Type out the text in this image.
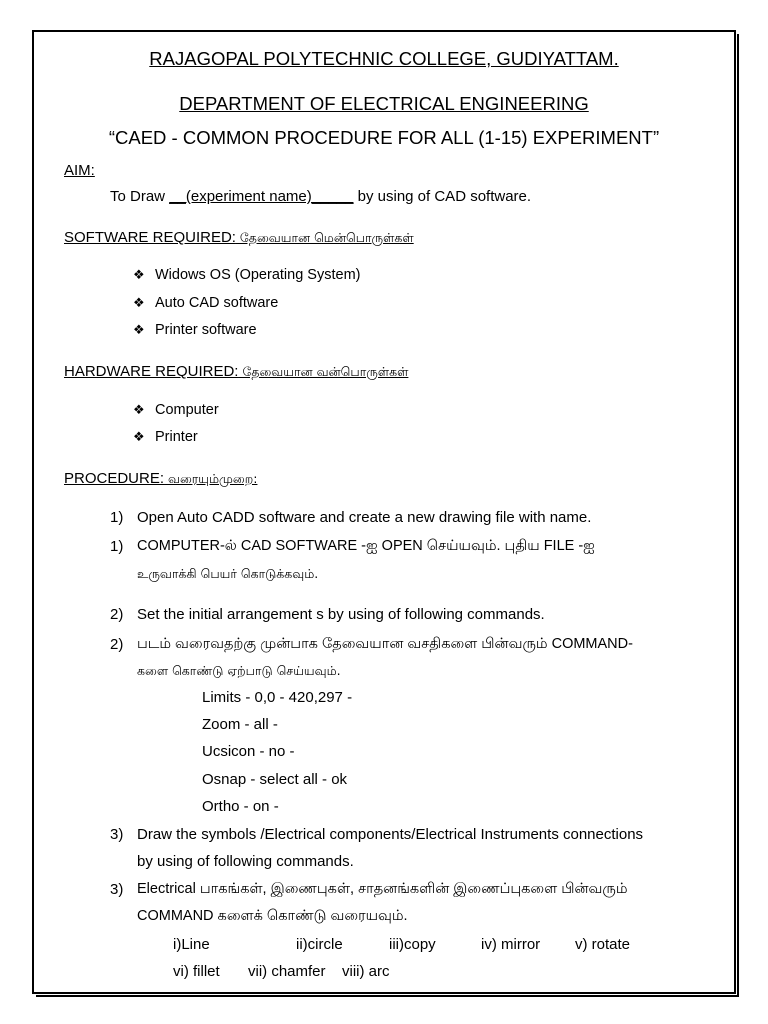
RAJAGOPAL POLYTECHNIC COLLEGE, GUDIYATTAM.
DEPARTMENT OF ELECTRICAL ENGINEERING
“CAED - COMMON PROCEDURE FOR ALL (1-15) EXPERIMENT”
AIM:
To Draw __(experiment name)_____ by using of CAD software.
SOFTWARE REQUIRED: தேவையான மென்பொருள்கள்
❖ Widows OS (Operating System)
❖ Auto CAD software
❖ Printer software
HARDWARE REQUIRED: தேவையான வன்பொருள்கள்
❖ Computer
❖ Printer
PROCEDURE: வரையும்முறை:
1) Open Auto CADD software and create a new drawing file with name.
1) COMPUTER-ல் CAD SOFTWARE -ஐ OPEN செய்யவும். புதிய FILE -ஐ
உருவாக்கி பெயர் கொடுக்கவும்.
2) Set the initial arrangement s by using of following commands.
2) படம் வரைவதற்கு முன்பாக தேவையான வசதிகளை பின்வரும் COMMAND-
களை கொண்டு ஏற்பாடு செய்யவும்.
Limits - 0,0 - 420,297 -
Zoom - all -
Ucsicon - no -
Osnap - select all - ok
Ortho - on -
3) Draw the symbols /Electrical components/Electrical Instruments connections
by using of following commands.
3) Electrical பாகங்கள், இணைபுகள், சாதனங்களின் இணைப்புகளை பின்வரும்
COMMAND களைக் கொண்டு வரையவும்.
i)Line	ii)circle	iii)copy	iv) mirror v) rotate
vi) fillet vii) chamfer viii) arc
